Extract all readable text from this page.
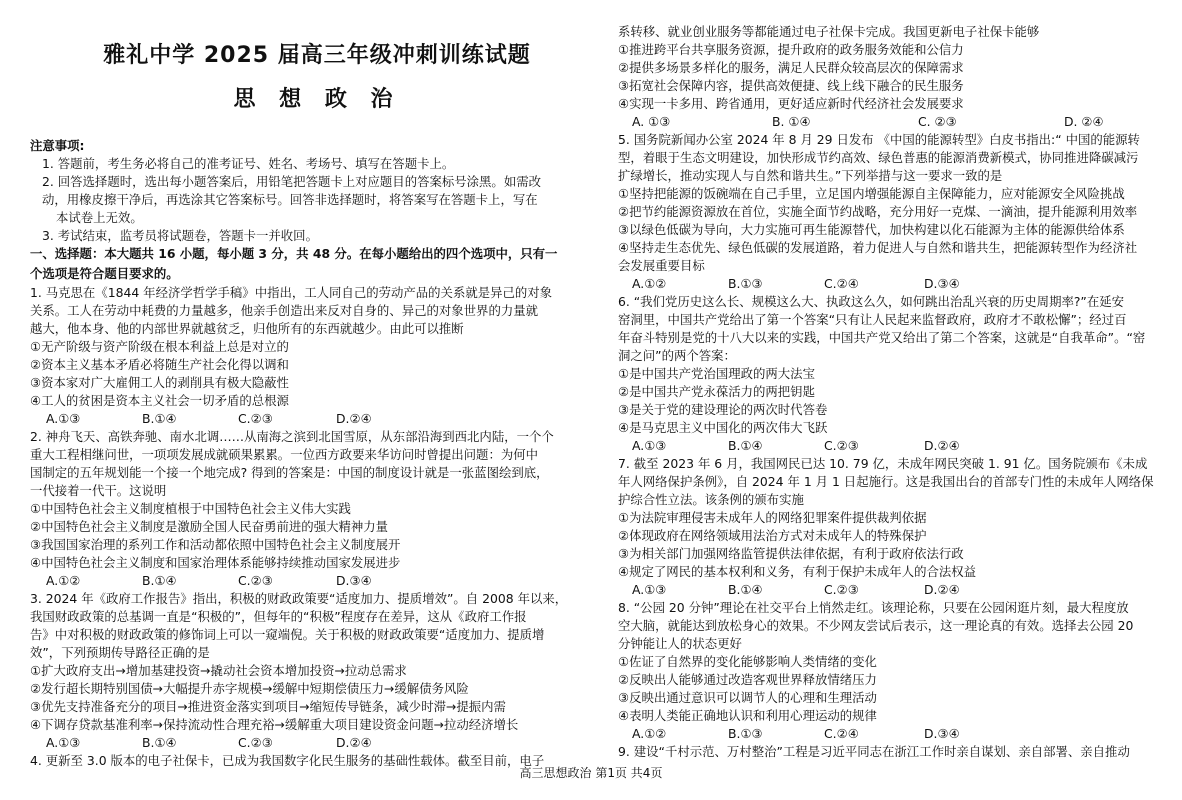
雅礼中学 2025 届高三年级冲刺训练试题
思 想 政 治
注意事项:
1. 答题前，考生务必将自己的准考证号、姓名、考场号、填写在答题卡上。
2. 回答选择题时，选出每小题答案后，用铅笔把答题卡上对应题目的答案标号涂黑。如需改
动，用橡皮擦干净后，再选涂其它答案标号。回答非选择题时，将答案写在答题卡上，写在
本试卷上无效。
3. 考试结束，监考员将试题卷，答题卡一并收回。
一、选择题：本大题共 16 小题，每小题 3 分，共 48 分。在每小题给出的四个选项中，只有一
个选项是符合题目要求的。
1. 马克思在《1844 年经济学哲学手稿》中指出，工人同自己的劳动产品的关系就是异己的对象
关系。工人在劳动中耗费的力量越多，他亲手创造出来反对自身的、异己的对象世界的力量就
越大，他本身、他的内部世界就越贫乏，归他所有的东西就越少。由此可以推断
①无产阶级与资产阶级在根本利益上总是对立的
②资本主义基本矛盾必将随生产社会化得以调和
③资本家对广大雇佣工人的剥削具有极大隐蔽性
④工人的贫困是资本主义社会一切矛盾的总根源
A.①③	B.①④	C.②③	D.②④
2. 神舟飞天、高铁奔驰、南水北调……从南海之滨到北国雪原，从东部沿海到西北内陆，一个个
重大工程相继问世，一项项发展成就硕果累累。一位西方政要来华访问时曾提出问题：为何中
国制定的五年规划能一个接一个地完成? 得到的答案是：中国的制度设计就是一张蓝图绘到底，
一代接着一代干。这说明
①中国特色社会主义制度植根于中国特色社会主义伟大实践
②中国特色社会主义制度是激励全国人民奋勇前进的强大精神力量
③我国国家治理的系列工作和活动都依照中国特色社会主义制度展开
④中国特色社会主义制度和国家治理体系能够持续推动国家发展进步
A.①②	B.①④	C.②③	D.③④
3. 2024 年《政府工作报告》指出，积极的财政政策要“适度加力、提质增效”。自 2008 年以来，
我国财政政策的总基调一直是“积极的”，但每年的“积极”程度存在差异，这从《政府工作报
告》中对积极的财政政策的修饰词上可以一窥端倪。关于积极的财政政策要“适度加力、提质增
效”，下列预期传导路径正确的是
①扩大政府支出→增加基建投资→撬动社会资本增加投资→拉动总需求
②发行超长期特别国债→大幅提升赤字规模→缓解中短期偿债压力→缓解债务风险
③优先支持准备充分的项目→推进资金落实到项目→缩短传导链条，减少时滞→提振内需
④下调存贷款基准利率→保持流动性合理充裕→缓解重大项目建设资金问题→拉动经济增长
A.①③	B.①④	C.②③	D.②④
系转移、就业创业服务等都能通过电子社保卡完成。我国更新电子社保卡能够
①推进跨平台共享服务资源，提升政府的政务服务效能和公信力
②提供多场景多样化的服务，满足人民群众较高层次的保障需求
③拓宽社会保障内容，提供高效便捷、线上线下融合的民生服务
④实现一卡多用、跨省通用，更好适应新时代经济社会发展要求
A. ①③	B. ①④	C. ②③	D. ②④
5. 国务院新闻办公室 2024 年 8 月 29 日发布 《中国的能源转型》白皮书指出:“ 中国的能源转
型，着眼于生态文明建设，加快形成节约高效、绿色普惠的能源消费新模式，协同推进降碳减污
扩绿增长，推动实现人与自然和谐共生。”下列举措与这一要求一致的是
①坚持把能源的饭碗端在自己手里，立足国内增强能源自主保障能力，应对能源安全风险挑战
②把节约能源资源放在首位，实施全面节约战略，充分用好一克煤、一滴油，提升能源利用效率
③以绿色低碳为导向，大力实施可再生能源替代，加快构建以化石能源为主体的能源供给体系
④坚持走生态优先、绿色低碳的发展道路，着力促进人与自然和谐共生，把能源转型作为经济社
会发展重要目标
A.①②	B.①③	C.②④	D.③④
6. “我们党历史这么长、规模这么大、执政这么久，如何跳出治乱兴衰的历史周期率?”在延安
窑洞里，中国共产党给出了第一个答案“只有让人民起来监督政府，政府才不敢松懈”；经过百
年奋斗特别是党的十八大以来的实践，中国共产党又给出了第二个答案，这就是“自我革命”。“窑
洞之问”的两个答案：
①是中国共产党治国理政的两大法宝
②是中国共产党永葆活力的两把钥匙
③是关于党的建设理论的两次时代答卷
④是马克思主义中国化的两次伟大飞跃
A.①③	B.①④	C.②③	D.②④
7. 截至 2023 年 6 月，我国网民已达 10. 79 亿，未成年网民突破 1. 91 亿。国务院颁布《未成
年人网络保护条例》，自 2024 年 1 月 1 日起施行。这是我国出台的首部专门性的未成年人网络保
护综合性立法。该条例的颁布实施
①为法院审理侵害未成年人的网络犯罪案件提供裁判依据
②体现政府在网络领域用法治方式对未成年人的特殊保护
③为相关部门加强网络监管提供法律依据，有利于政府依法行政
④规定了网民的基本权利和义务，有利于保护未成年人的合法权益
A.①③	B.①④	C.②③	D.②④
8. “公园 20 分钟”理论在社交平台上悄然走红。该理论称，只要在公园闲逛片刻，最大程度放
空大脑，就能达到放松身心的效果。不少网友尝试后表示，这一理论真的有效。选择去公园 20
分钟能让人的状态更好
①佐证了自然界的变化能够影响人类情绪的变化
②反映出人能够通过改造客观世界释放情绪压力
③反映出通过意识可以调节人的心理和生理活动
④表明人类能正确地认识和利用心理运动的规律
A.①②	B.①③	C.②④	D.③④
9. 建设“千村示范、万村整治”工程是习近平同志在浙江工作时亲自谋划、亲自部署、亲自推动
4. 更新至 3.0 版本的电子社保卡，已成为我国数字化民生服务的基础性载体。截至目前，电子
高三思想政治 第1页 共4页
